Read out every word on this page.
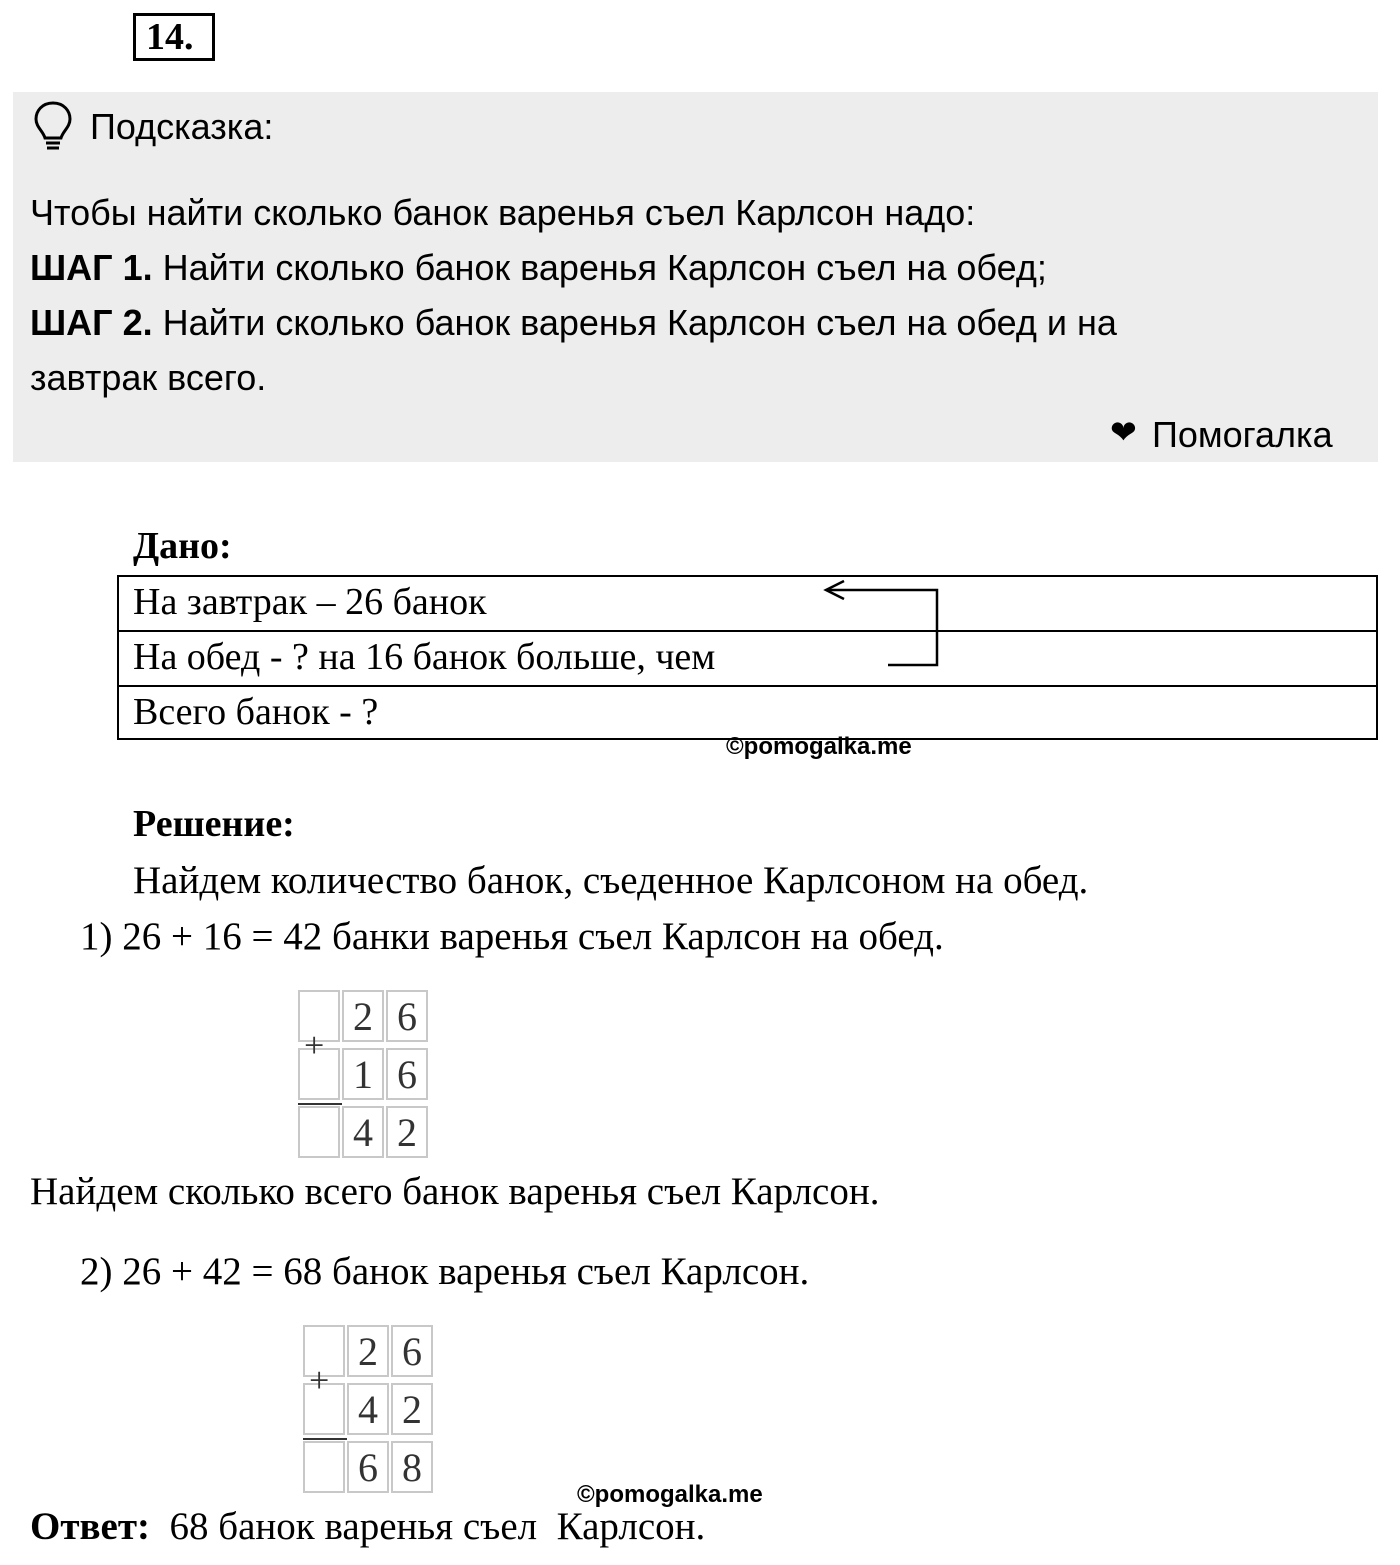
14.
Подсказка:
Чтобы найти сколько банок варенья съел Карлсон надо:
ШАГ 1. Найти сколько банок варенья Карлсон съел на обед;
ШАГ 2. Найти сколько банок варенья Карлсон съел на обед и на
завтрак всего.
❤ Помогалка
Дано:
На завтрак – 26 банок
На обед - ? на 16 банок больше, чем
Всего банок - ?
©pomogalka.me
Решение:
Найдем количество банок, съеденное Карлсоном на обед.
1) 26 + 16 = 42 банки варенья съел Карлсон на обед.
2 6
1 6
4 2
+
Найдем сколько всего банок варенья съел Карлсон.
2) 26 + 42 = 68 банок варенья съел Карлсон.
2 6
4 2
6 8
+
©pomogalka.me
Ответ:  68 банок варенья съел  Карлсон.
